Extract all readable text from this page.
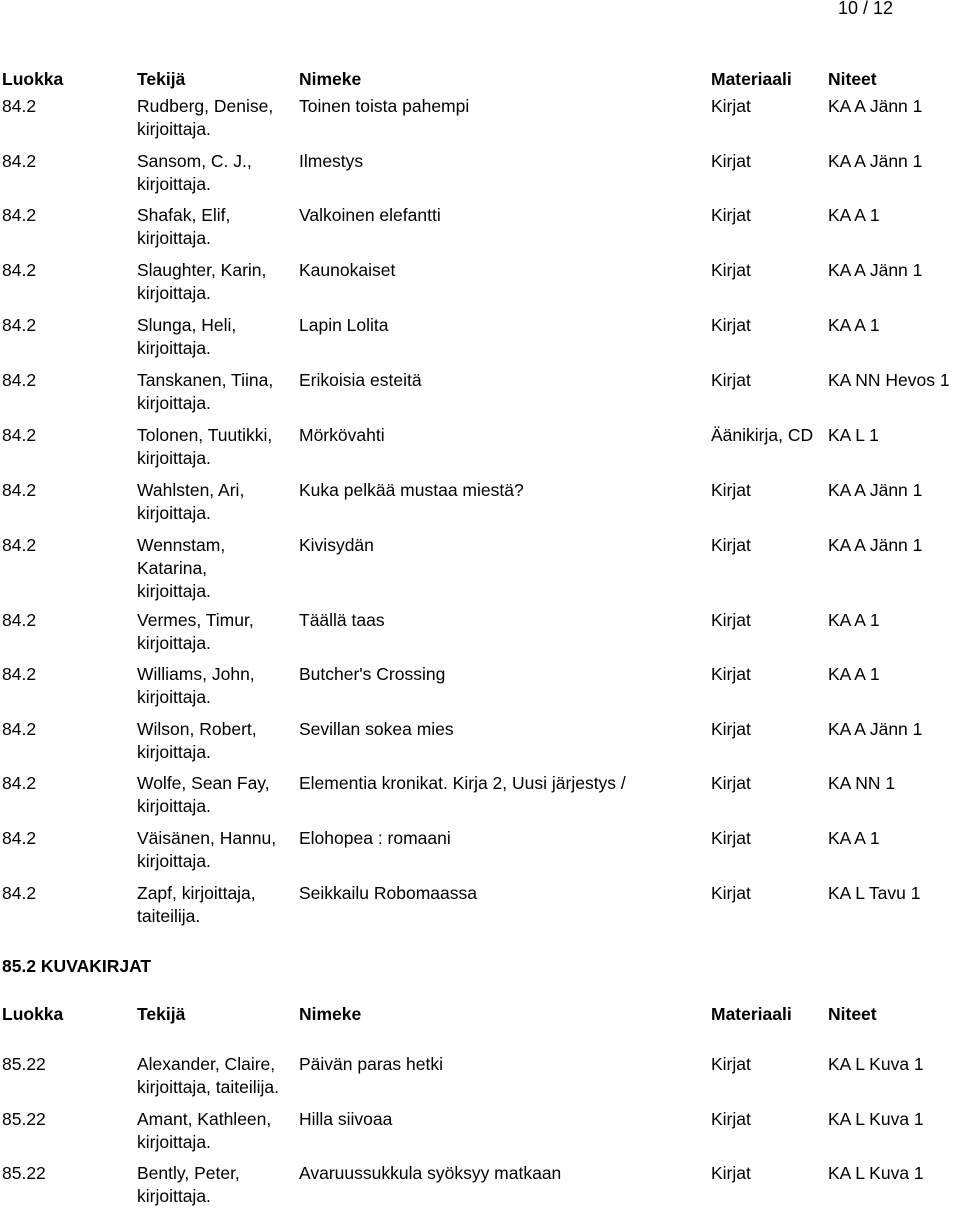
10 / 12
Luokka	Tekijä	Nimeke	Materiaali Niteet
84.2	Rudberg, Denise,
kirjoittaja.
Toinen toista pahempi	Kirjat	KA A Jänn 1
84.2	Sansom, C. J.,
kirjoittaja.
Ilmestys	Kirjat	KA A Jänn 1
84.2	Shafak, Elif,
kirjoittaja.
Valkoinen elefantti	Kirjat	KA A 1
84.2	Slaughter, Karin,
kirjoittaja.
Kaunokaiset	Kirjat	KA A Jänn 1
84.2	Slunga, Heli,
kirjoittaja.
Lapin Lolita	Kirjat	KA A 1
84.2	Tanskanen, Tiina,
kirjoittaja.
Erikoisia esteitä	Kirjat	KA NN Hevos 1
84.2	Tolonen, Tuutikki,
kirjoittaja.
Mörkövahti	Äänikirja, CD KA L 1
84.2	Wahlsten, Ari,
kirjoittaja.
Kuka pelkää mustaa miestä?	Kirjat	KA A Jänn 1
84.2	Wennstam,
Katarina,
kirjoittaja.
Kivisydän	Kirjat	KA A Jänn 1
84.2	Vermes, Timur,
kirjoittaja.
Täällä taas	Kirjat	KA A 1
84.2	Williams, John,
kirjoittaja.
Butcher's Crossing	Kirjat	KA A 1
84.2	Wilson, Robert,
kirjoittaja.
Sevillan sokea mies	Kirjat	KA A Jänn 1
84.2	Wolfe, Sean Fay,
kirjoittaja.
Elementia kronikat. Kirja 2, Uusi järjestys /	Kirjat	KA NN 1
84.2	Väisänen, Hannu,
kirjoittaja.
Elohopea : romaani	Kirjat	KA A 1
84.2	Zapf, kirjoittaja,
taiteilija.
Seikkailu Robomaassa	Kirjat	KA L Tavu 1
85.2 KUVAKIRJAT
Luokka	Tekijä	Nimeke	Materiaali Niteet
85.22	Alexander, Claire,
kirjoittaja, taiteilija.
Päivän paras hetki	Kirjat	KA L Kuva 1
85.22	Amant, Kathleen,
kirjoittaja.
Hilla siivoaa	Kirjat	KA L Kuva 1
85.22	Bently, Peter,
kirjoittaja.
Avaruussukkula syöksyy matkaan	Kirjat	KA L Kuva 1
